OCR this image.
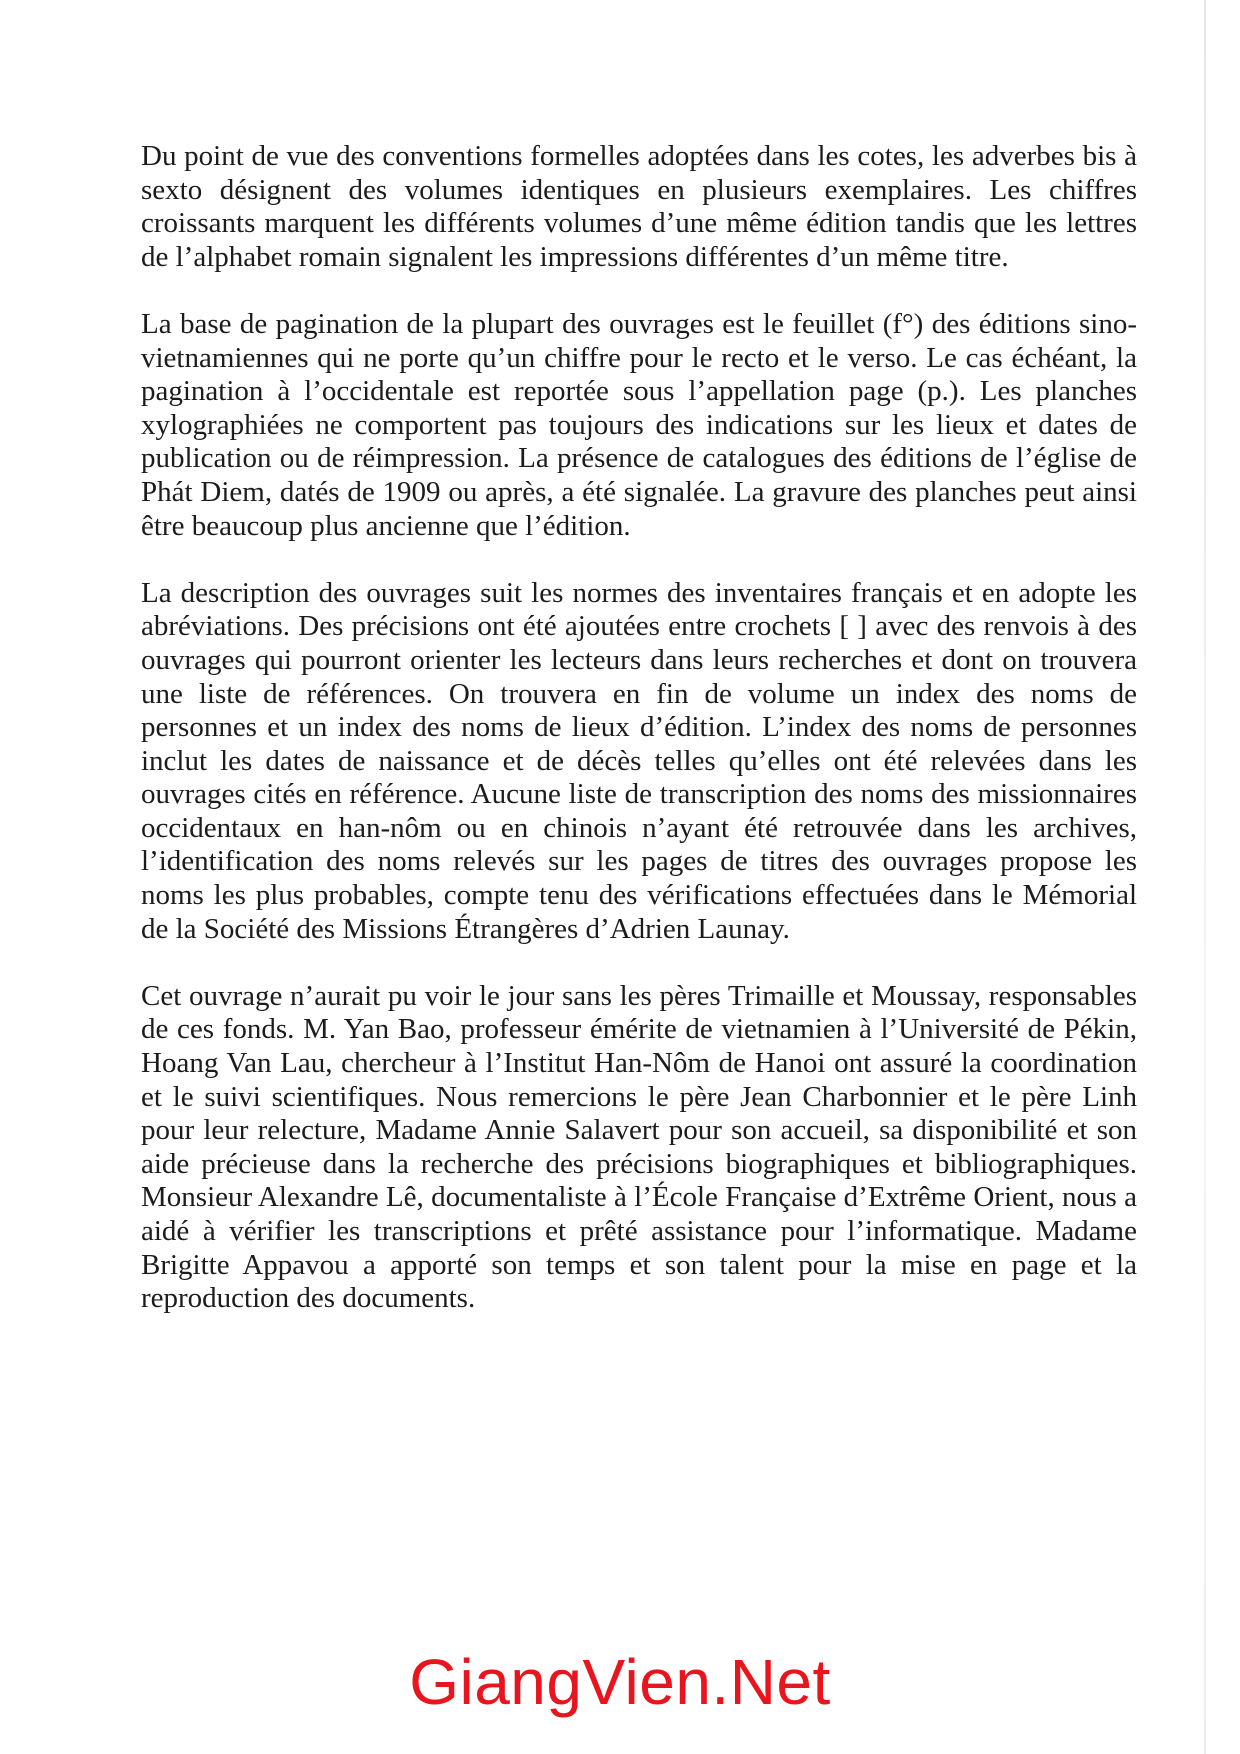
Du point de vue des conventions formelles adoptées dans les cotes, les adverbes bis à sexto désignent des volumes identiques en plusieurs exemplaires. Les chiffres croissants marquent les différents volumes d’une même édition tandis que les lettres de l’alphabet romain signalent les impressions différentes d’un même titre.

La base de pagination de la plupart des ouvrages est le feuillet (f°) des éditions sino-vietnamiennes qui ne porte qu’un chiffre pour le recto et le verso. Le cas échéant, la pagination à l’occidentale est reportée sous l’appellation page (p.). Les planches xylographiées ne comportent pas toujours des indications sur les lieux et dates de publication ou de réimpression. La présence de catalogues des éditions de l’église de Phát Diem, datés de 1909 ou après, a été signalée. La gravure des planches peut ainsi être beaucoup plus ancienne que l’édition.

La description des ouvrages suit les normes des inventaires français et en adopte les abréviations. Des précisions ont été ajoutées entre crochets [ ] avec des renvois à des ouvrages qui pourront orienter les lecteurs dans leurs recherches et dont on trouvera une liste de références. On trouvera en fin de volume un index des noms de personnes et un index des noms de lieux d’édition. L’index des noms de personnes inclut les dates de naissance et de décès telles qu’elles ont été relevées dans les ouvrages cités en référence. Aucune liste de transcription des noms des missionnaires occidentaux en han-nôm ou en chinois n’ayant été retrouvée dans les archives, l’identification des noms relevés sur les pages de titres des ouvrages propose les noms les plus probables, compte tenu des vérifications effectuées dans le Mémorial de la Société des Missions Étrangères d’Adrien Launay.

Cet ouvrage n’aurait pu voir le jour sans les pères Trimaille et Moussay, responsables de ces fonds. M. Yan Bao, professeur émérite de vietnamien à l’Université de Pékin, Hoang Van Lau, chercheur à l’Institut Han-Nôm de Hanoi ont assuré la coordination et le suivi scientifiques. Nous remercions le père Jean Charbonnier et le père Linh pour leur relecture, Madame Annie Salavert pour son accueil, sa disponibilité et son aide précieuse dans la recherche des précisions biographiques et bibliographiques. Monsieur Alexandre Lê, documentaliste à l’École Française d’Extrême Orient, nous a aidé à vérifier les transcriptions et prêté assistance pour l’informatique. Madame Brigitte Appavou a apporté son temps et son talent pour la mise en page et la reproduction des documents.

GiangVien.Net
